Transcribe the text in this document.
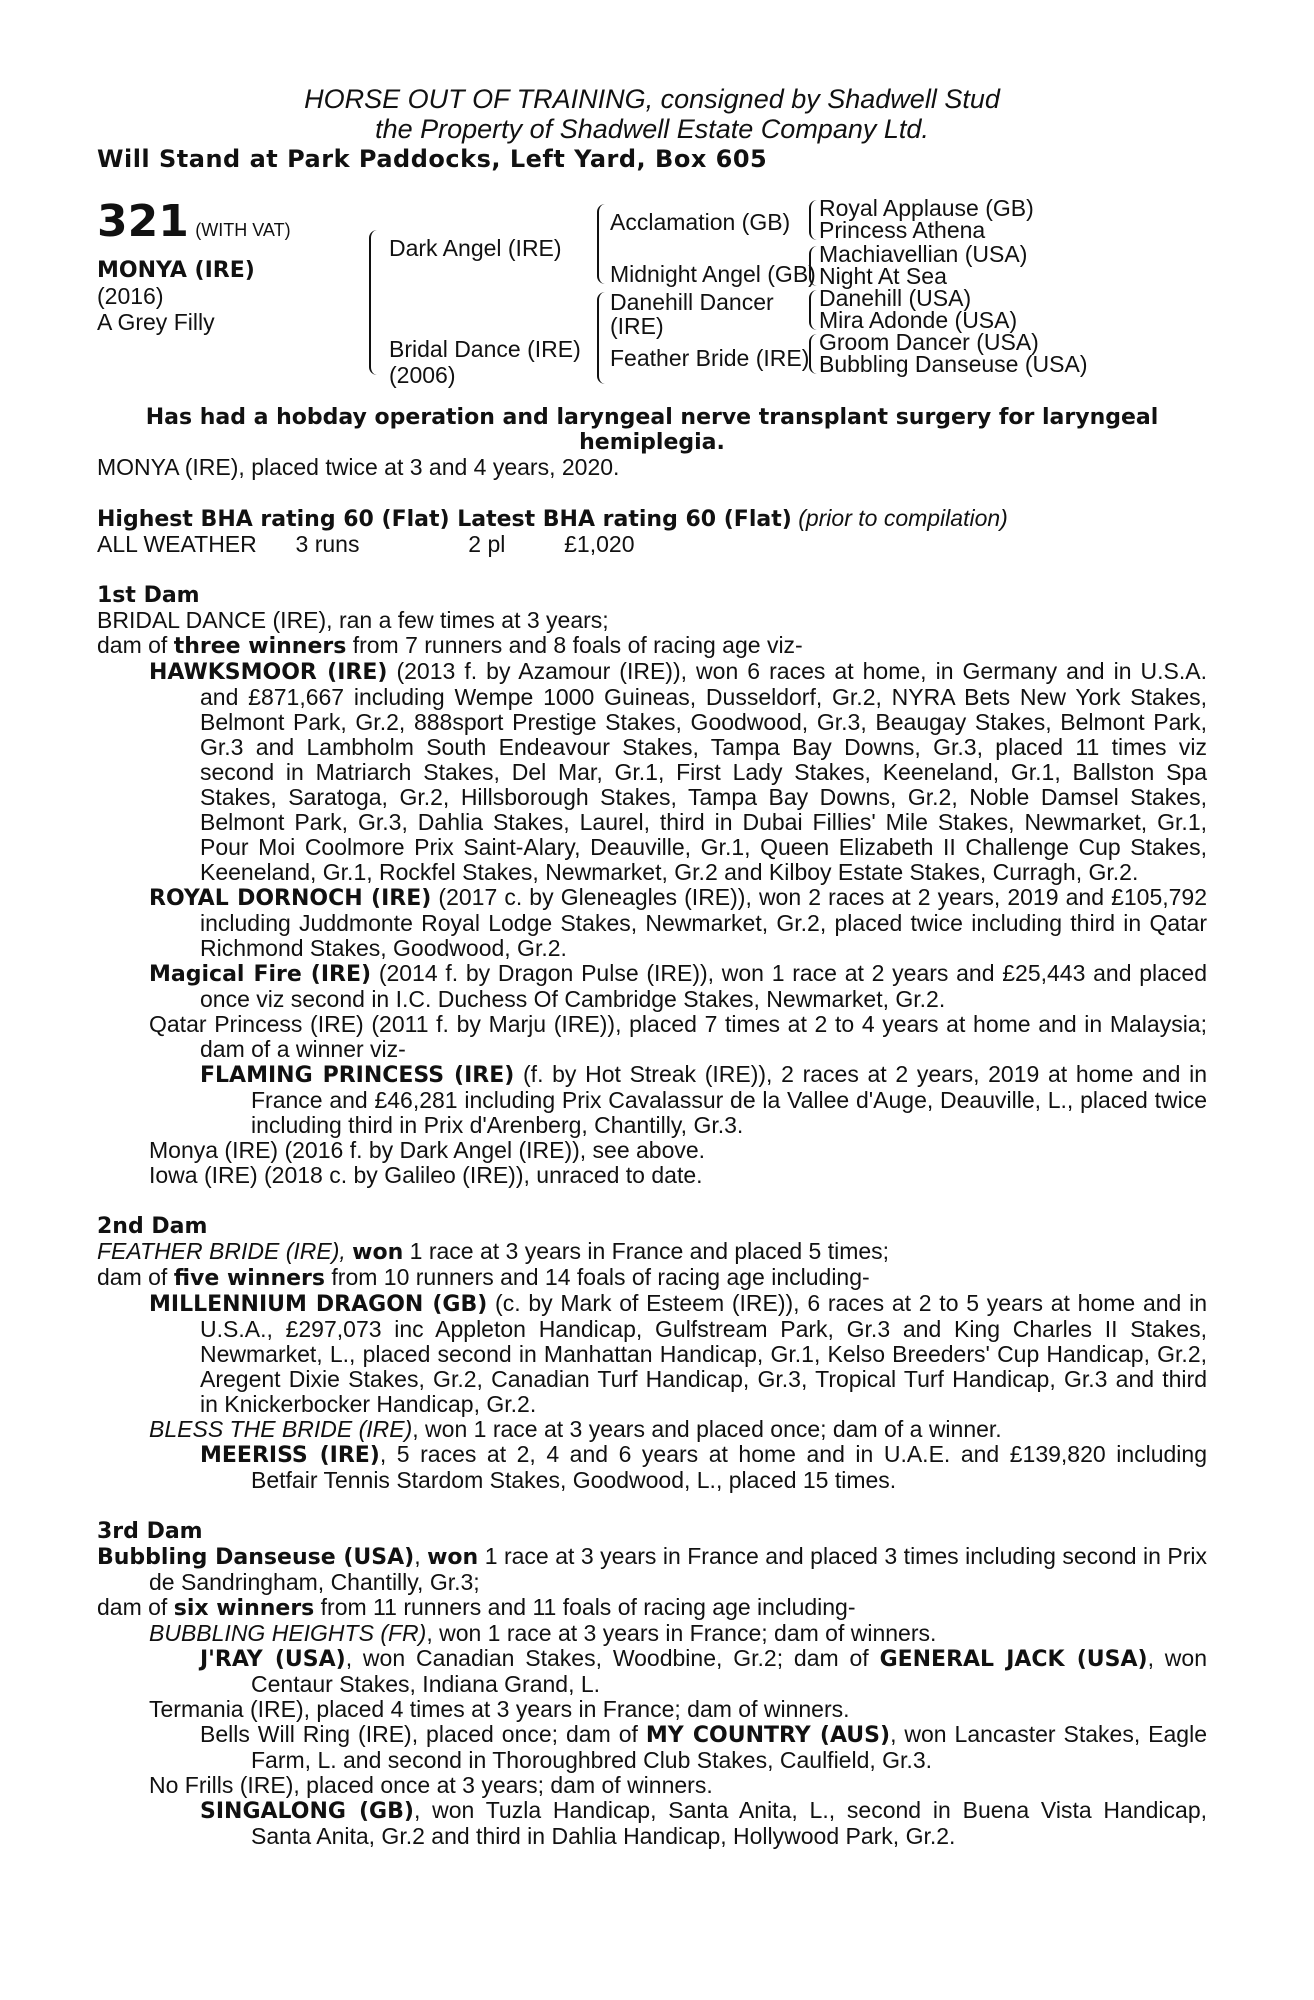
HORSE OUT OF TRAINING, consigned by Shadwell Stud
the Property of Shadwell Estate Company Ltd.
Will Stand at Park Paddocks, Left Yard, Box 605
321 (WITH VAT)
MONYA (IRE)
(2016)
A Grey Filly
Dark Angel (IRE)
Bridal Dance (IRE)
(2006)
Acclamation (GB)
Midnight Angel (GB)
Danehill Dancer
(IRE)
Feather Bride (IRE)
Royal Applause (GB)
Princess Athena
Machiavellian (USA)
Night At Sea
Danehill (USA)
Mira Adonde (USA)
Groom Dancer (USA)
Bubbling Danseuse (USA)

Has had a hobday operation and laryngeal nerve transplant surgery for laryngeal hemiplegia.

MONYA (IRE), placed twice at 3 and 4 years, 2020.

Highest BHA rating 60 (Flat) Latest BHA rating 60 (Flat) (prior to compilation)

ALL WEATHER 3 runs	2 pl	£1,020

1st Dam

BRIDAL DANCE (IRE), ran a few times at 3 years;

dam of three winners from 7 runners and 8 foals of racing age viz-

HAWKSMOOR (IRE) (2013 f. by Azamour (IRE)), won 6 races at home, in Germany and in U.S.A. and £871,667 including Wempe 1000 Guineas, Dusseldorf, Gr.2, NYRA Bets New York Stakes, Belmont Park, Gr.2, 888sport Prestige Stakes, Goodwood, Gr.3, Beaugay Stakes, Belmont Park, Gr.3 and Lambholm South Endeavour Stakes, Tampa Bay Downs, Gr.3, placed 11 times viz second in Matriarch Stakes, Del Mar, Gr.1, First Lady Stakes, Keeneland, Gr.1, Ballston Spa Stakes, Saratoga, Gr.2, Hillsborough Stakes, Tampa Bay Downs, Gr.2, Noble Damsel Stakes, Belmont Park, Gr.3, Dahlia Stakes, Laurel, third in Dubai Fillies' Mile Stakes, Newmarket, Gr.1, Pour Moi Coolmore Prix Saint-Alary, Deauville, Gr.1, Queen Elizabeth II Challenge Cup Stakes, Keeneland, Gr.1, Rockfel Stakes, Newmarket, Gr.2 and Kilboy Estate Stakes, Curragh, Gr.2.

ROYAL DORNOCH (IRE) (2017 c. by Gleneagles (IRE)), won 2 races at 2 years, 2019 and £105,792 including Juddmonte Royal Lodge Stakes, Newmarket, Gr.2, placed twice including third in Qatar Richmond Stakes, Goodwood, Gr.2.

Magical Fire (IRE) (2014 f. by Dragon Pulse (IRE)), won 1 race at 2 years and £25,443 and placed once viz second in I.C. Duchess Of Cambridge Stakes, Newmarket, Gr.2.

Qatar Princess (IRE) (2011 f. by Marju (IRE)), placed 7 times at 2 to 4 years at home and in Malaysia; dam of a winner viz-

FLAMING PRINCESS (IRE) (f. by Hot Streak (IRE)), 2 races at 2 years, 2019 at home and in France and £46,281 including Prix Cavalassur de la Vallee d'Auge, Deauville, L., placed twice including third in Prix d'Arenberg, Chantilly, Gr.3.

Monya (IRE) (2016 f. by Dark Angel (IRE)), see above.

Iowa (IRE) (2018 c. by Galileo (IRE)), unraced to date.

2nd Dam

FEATHER BRIDE (IRE), won 1 race at 3 years in France and placed 5 times;

dam of five winners from 10 runners and 14 foals of racing age including-

MILLENNIUM DRAGON (GB) (c. by Mark of Esteem (IRE)), 6 races at 2 to 5 years at home and in U.S.A., £297,073 inc Appleton Handicap, Gulfstream Park, Gr.3 and King Charles II Stakes, Newmarket, L., placed second in Manhattan Handicap, Gr.1, Kelso Breeders' Cup Handicap, Gr.2, Aregent Dixie Stakes, Gr.2, Canadian Turf Handicap, Gr.3, Tropical Turf Handicap, Gr.3 and third in Knickerbocker Handicap, Gr.2.

BLESS THE BRIDE (IRE), won 1 race at 3 years and placed once; dam of a winner.

MEERISS (IRE), 5 races at 2, 4 and 6 years at home and in U.A.E. and £139,820 including Betfair Tennis Stardom Stakes, Goodwood, L., placed 15 times.

3rd Dam

Bubbling Danseuse (USA), won 1 race at 3 years in France and placed 3 times including second in Prix de Sandringham, Chantilly, Gr.3;

dam of six winners from 11 runners and 11 foals of racing age including-

BUBBLING HEIGHTS (FR), won 1 race at 3 years in France; dam of winners.

J'RAY (USA), won Canadian Stakes, Woodbine, Gr.2; dam of GENERAL JACK (USA), won Centaur Stakes, Indiana Grand, L.

Termania (IRE), placed 4 times at 3 years in France; dam of winners.

Bells Will Ring (IRE), placed once; dam of MY COUNTRY (AUS), won Lancaster Stakes, Eagle Farm, L. and second in Thoroughbred Club Stakes, Caulfield, Gr.3.

No Frills (IRE), placed once at 3 years; dam of winners.

SINGALONG (GB), won Tuzla Handicap, Santa Anita, L., second in Buena Vista Handicap, Santa Anita, Gr.2 and third in Dahlia Handicap, Hollywood Park, Gr.2.
